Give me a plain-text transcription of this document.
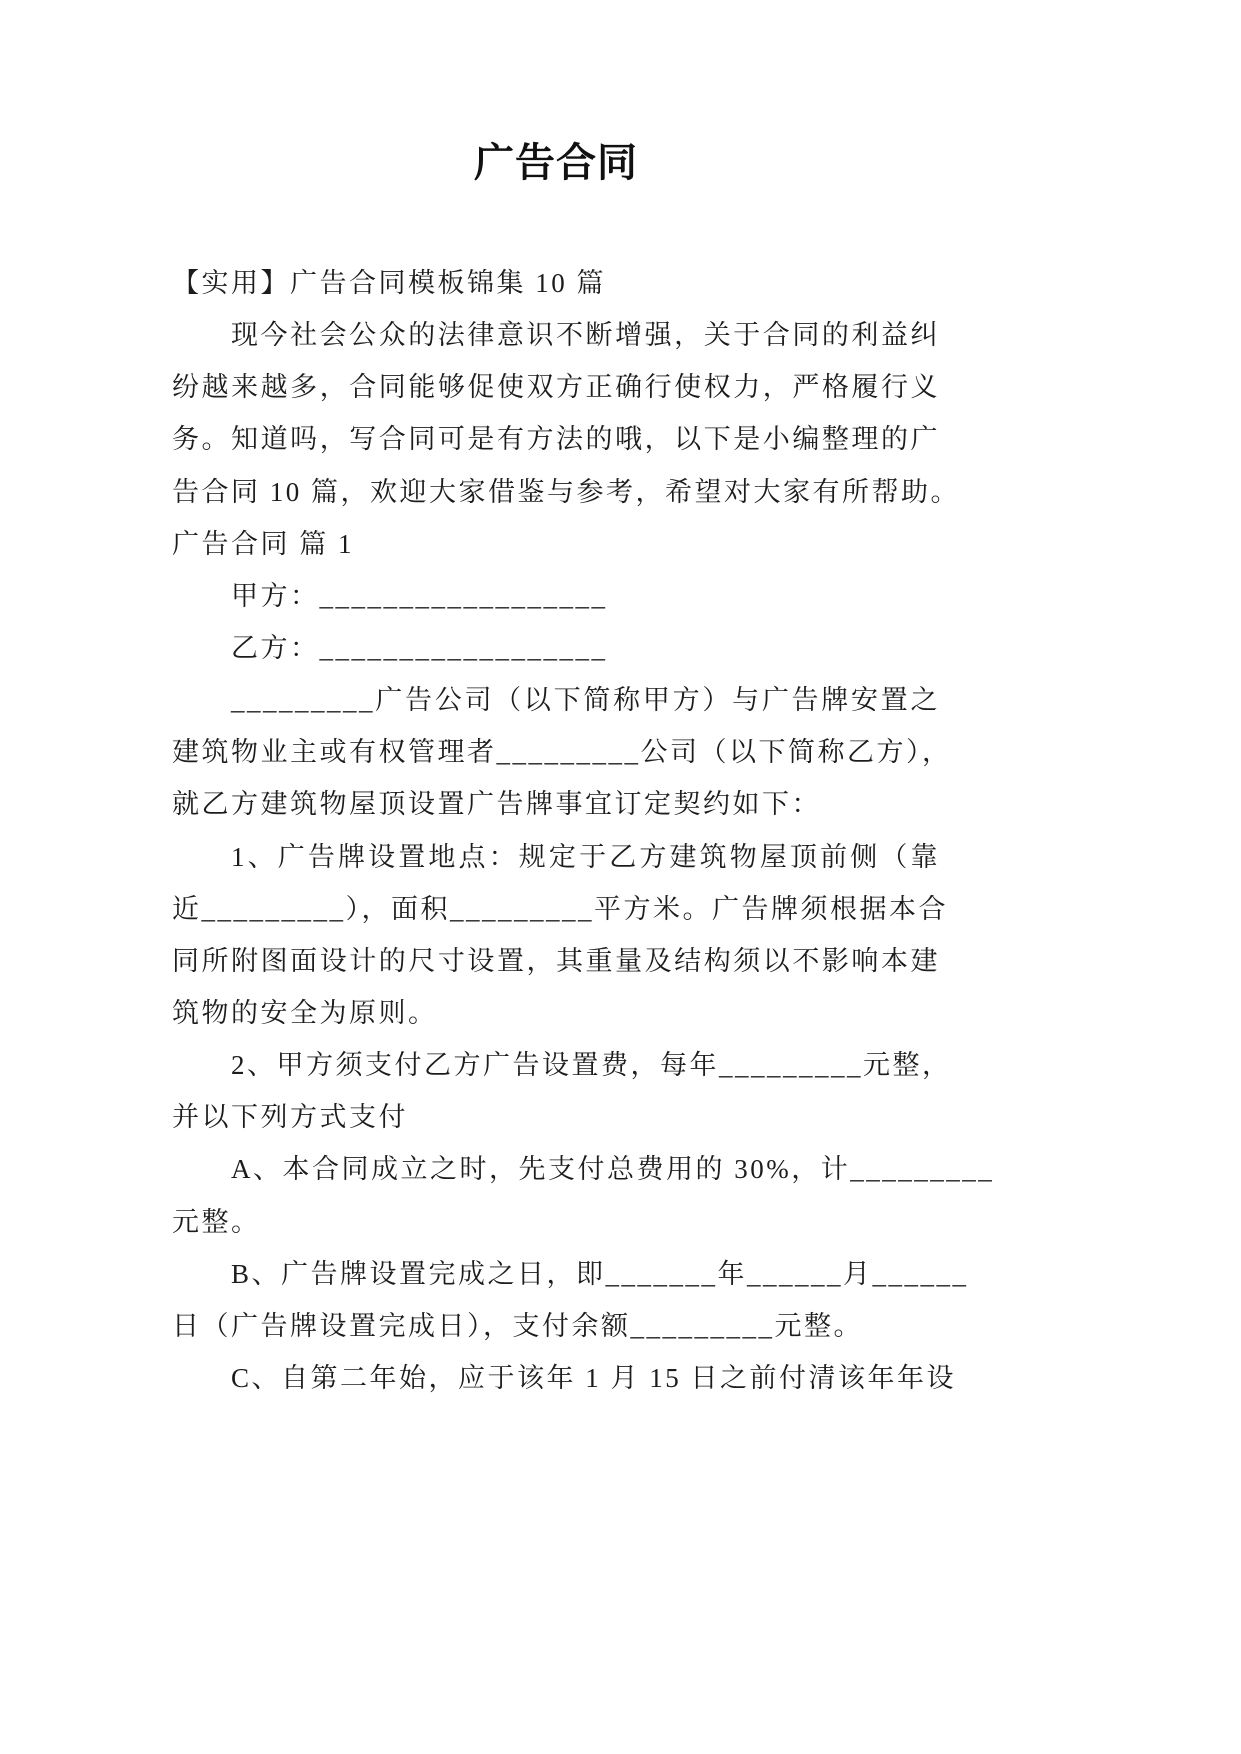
广告合同
【实用】广告合同模板锦集 10 篇
现今社会公众的法律意识不断增强，关于合同的利益纠
纷越来越多，合同能够促使双方正确行使权力，严格履行义
务。知道吗，写合同可是有方法的哦，以下是小编整理的广
告合同 10 篇，欢迎大家借鉴与参考，希望对大家有所帮助。
广告合同 篇 1
甲方：__________________
乙方：__________________
_________广告公司（以下简称甲方）与广告牌安置之
建筑物业主或有权管理者_________公司（以下简称乙方），
就乙方建筑物屋顶设置广告牌事宜订定契约如下：
1、广告牌设置地点：规定于乙方建筑物屋顶前侧（靠
近_________），面积_________平方米。广告牌须根据本合
同所附图面设计的尺寸设置，其重量及结构须以不影响本建
筑物的安全为原则。
2、甲方须支付乙方广告设置费，每年_________元整，
并以下列方式支付
A、本合同成立之时，先支付总费用的 30%，计_________
元整。
B、广告牌设置完成之日，即_______年______月______
日（广告牌设置完成日），支付余额_________元整。
C、自第二年始，应于该年 1 月 15 日之前付清该年年设
